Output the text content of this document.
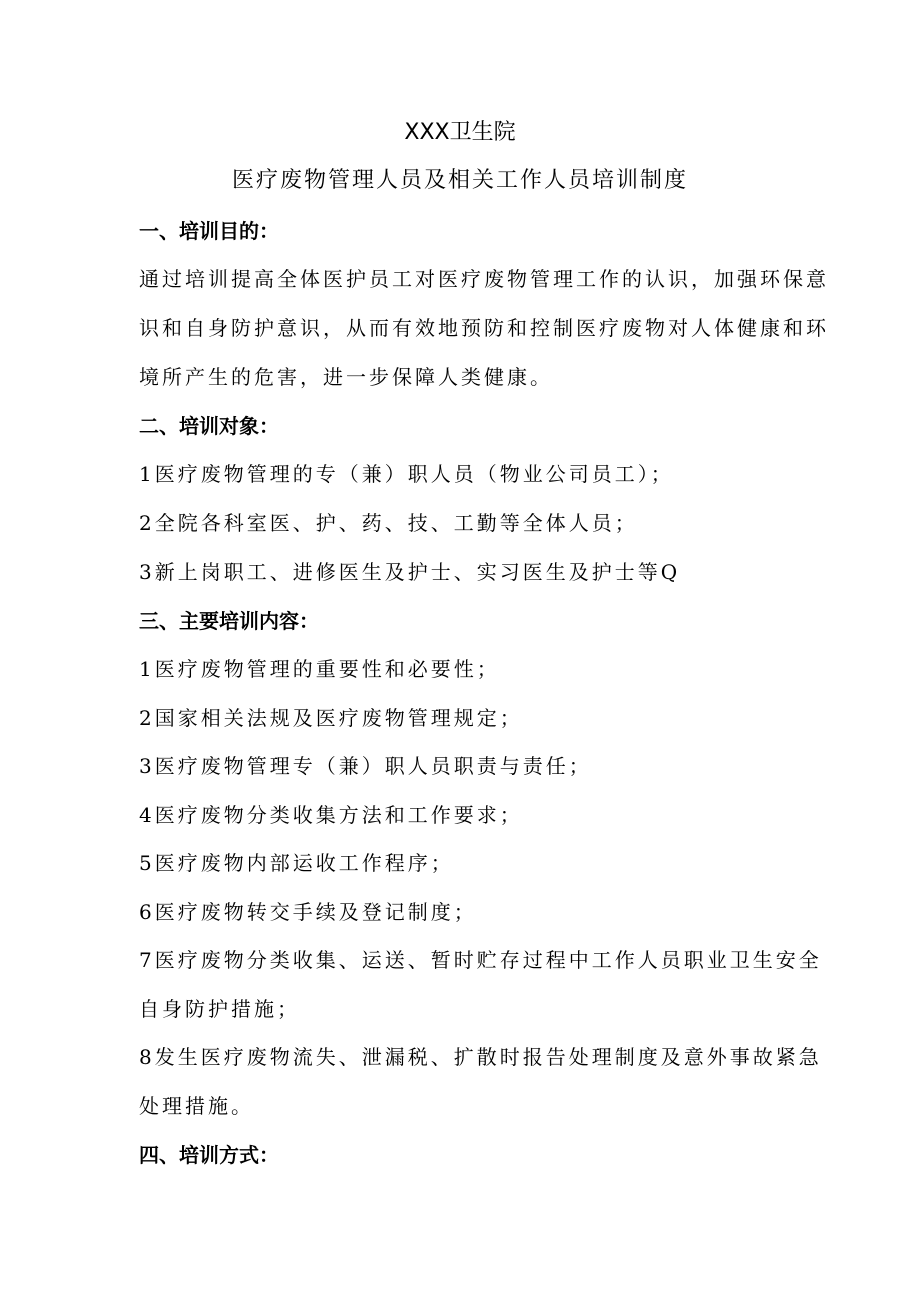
XXX卫生院
医疗废物管理人员及相关工作人员培训制度
一、培训目的：
通过培训提高全体医护员工对医疗废物管理工作的认识，加强环保意
识和自身防护意识，从而有效地预防和控制医疗废物对人体健康和环
境所产生的危害，进一步保障人类健康。
二、培训对象：
1医疗废物管理的专（兼）职人员（物业公司员工）；
2全院各科室医、护、药、技、工勤等全体人员；
3新上岗职工、进修医生及护士、实习医生及护士等Q
三、主要培训内容：
1医疗废物管理的重要性和必要性；
2国家相关法规及医疗废物管理规定；
3医疗废物管理专（兼）职人员职责与责任；
4医疗废物分类收集方法和工作要求；
5医疗废物内部运收工作程序；
6医疗废物转交手续及登记制度；
7医疗废物分类收集、运送、暂时贮存过程中工作人员职业卫生安全
自身防护措施；
8发生医疗废物流失、泄漏税、扩散时报告处理制度及意外事故紧急
处理措施。
四、培训方式：
